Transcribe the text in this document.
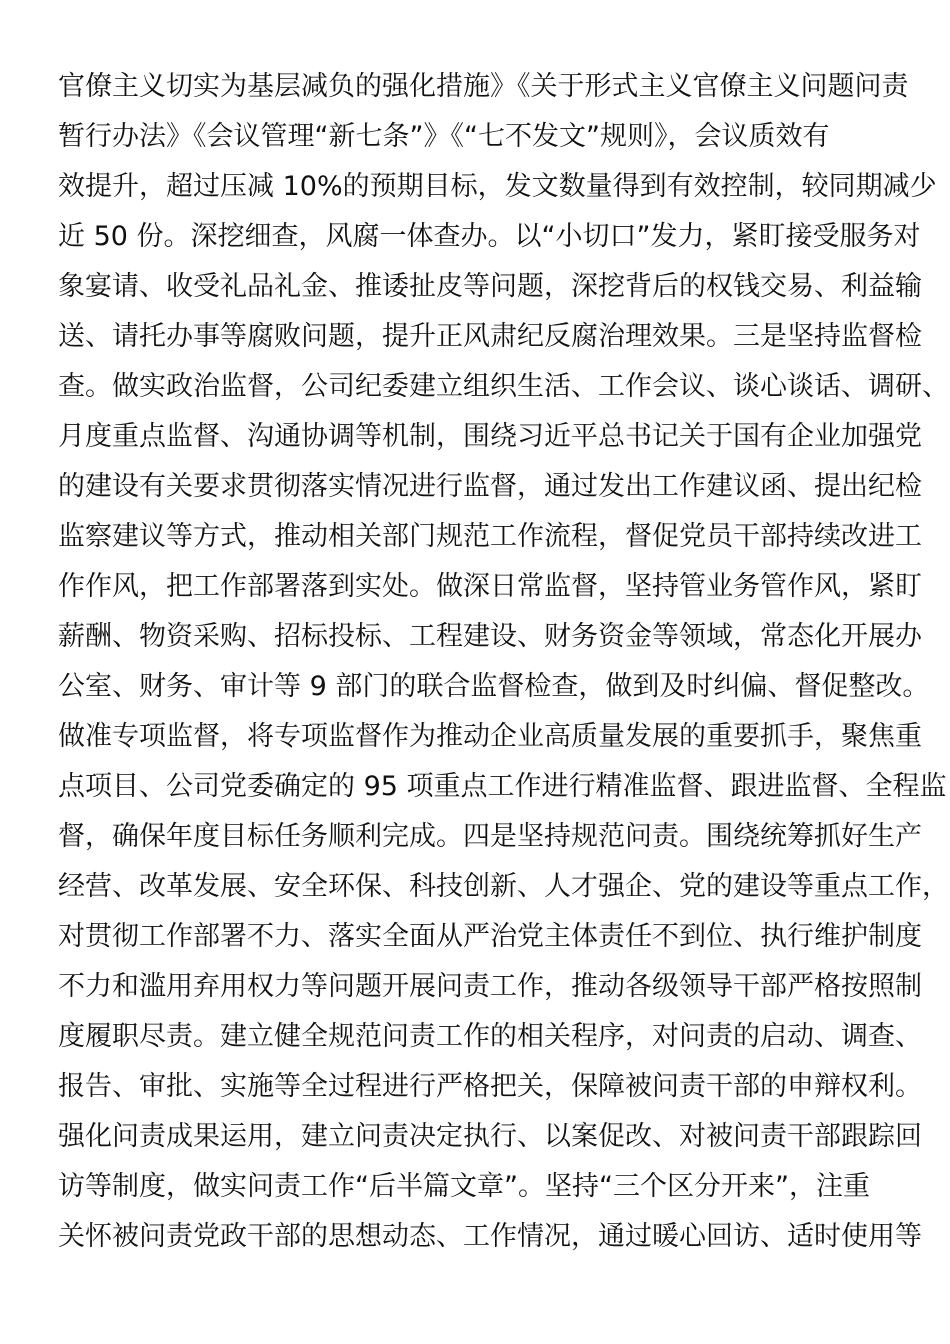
官僚主义切实为基层减负的强化措施》《关于形式主义官僚主义问题问责
暂行办法》《会议管理“新七条”》《“七不发文”规则》，会议质效有
效提升，超过压减 10%的预期目标，发文数量得到有效控制，较同期减少
近 50 份。深挖细查，风腐一体查办。以“小切口”发力，紧盯接受服务对
象宴请、收受礼品礼金、推诿扯皮等问题，深挖背后的权钱交易、利益输
送、请托办事等腐败问题，提升正风肃纪反腐治理效果。三是坚持监督检
查。做实政治监督，公司纪委建立组织生活、工作会议、谈心谈话、调研、
月度重点监督、沟通协调等机制，围绕习近平总书记关于国有企业加强党
的建设有关要求贯彻落实情况进行监督，通过发出工作建议函、提出纪检
监察建议等方式，推动相关部门规范工作流程，督促党员干部持续改进工
作作风，把工作部署落到实处。做深日常监督，坚持管业务管作风，紧盯
薪酬、物资采购、招标投标、工程建设、财务资金等领域，常态化开展办
公室、财务、审计等 9 部门的联合监督检查，做到及时纠偏、督促整改。
做准专项监督，将专项监督作为推动企业高质量发展的重要抓手，聚焦重
点项目、公司党委确定的 95 项重点工作进行精准监督、跟进监督、全程监
督，确保年度目标任务顺利完成。四是坚持规范问责。围绕统筹抓好生产
经营、改革发展、安全环保、科技创新、人才强企、党的建设等重点工作，
对贯彻工作部署不力、落实全面从严治党主体责任不到位、执行维护制度
不力和滥用弃用权力等问题开展问责工作，推动各级领导干部严格按照制
度履职尽责。建立健全规范问责工作的相关程序，对问责的启动、调查、
报告、审批、实施等全过程进行严格把关，保障被问责干部的申辩权利。
强化问责成果运用，建立问责决定执行、以案促改、对被问责干部跟踪回
访等制度，做实问责工作“后半篇文章”。坚持“三个区分开来”，注重
关怀被问责党政干部的思想动态、工作情况，通过暖心回访、适时使用等
